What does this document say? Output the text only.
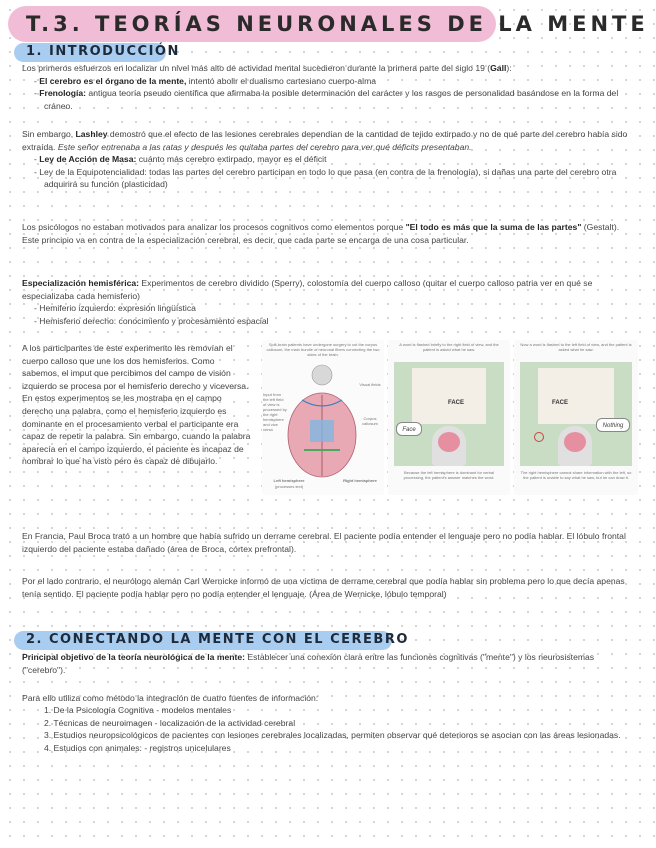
T.3. TEORÍAS NEURONALES DE LA MENTE
1. INTRODUCCIÓN
Los primeros esfuerzos en localizar un nivel más alto de actividad mental sucedieron durante la primera parte del siglo 19 (Gall):
- El cerebro es el órgano de la mente, intentó abolir el dualismo cartesiano cuerpo-alma
- Frenología: antigua teoría pseudo científica que afirmaba la posible determinación del carácter y los rasgos de personalidad basándose en la forma del cráneo.
Sin embargo, Lashley demostró que el efecto de las lesiones cerebrales dependían de la cantidad de tejido extirpado y no de qué parte del cerebro había sido extraída. Este señor entrenaba a las ratas y después les quitaba partes del cerebro para ver qué déficits presentaban.
- Ley de Acción de Masa: cuánto más cerebro extirpado, mayor es el déficit
- Ley de la Equipotencialidad: todas las partes del cerebro participan en todo lo que pasa (en contra de la frenología), si dañas una parte del cerebro otra adquirirá su función (plasticidad)
Los psicólogos no estaban motivados para analizar los procesos cognitivos como elementos porque "El todo es más que la suma de las partes" (Gestalt). Este principio va en contra de la especialización cerebral, es decir, que cada parte se encarga de una cosa particular.
Especialización hemisférica: Experimentos de cerebro dividido (Sperry), colostomía del cuerpo calloso (quitar el cuerpo calloso patria ver en qué se especializaba cada hemisferio)
- Hemiferio izquierdo: expresión lingüística
- Hemisferio derecho: conocimiento y procesamiento espacial
A los participantes de este experimento les removían el cuerpo calloso que une los dos hemisferios. Como sabemos, el imput que percibimos del campo de visión izquierdo se procesa por el hemisferio derecho y viceversa. En estos experimentos se les mostraba en el campo derecho una palabra, como el hemisferio izquierdo es dominante en el procesamiento verbal el participante era capaz de repetir la palabra. Sin embargo, cuando la palabra aparecía en el campo izquierdo, el paciente es incapaz de nombrar lo que ha visto pero es capaz de dibujarlo.
Split-brain patients have undergone surgery to cut the corpus callosum, the main bundle of neuronal fibers connecting the two sides of the brain.
Input from the left field of view is processed by the right hemisphere and vice versa
Visual fields
Corpus callosum
Left hemisphere
(processes text)
Right hemisphere
A word is flashed briefly to the right field of view, and the patient is asked what he saw.
FACE
Face
Because the left hemisphere is dominant for verbal processing, the patient's answer matches the word.
Now a word is flashed to the left field of view, and the patient is asked what he saw.
FACE
Nothing
The right hemisphere cannot share information with the left, so the patient is unable to say what he saw, but he can draw it.
En Francia, Paul Broca trató a un hombre que había sufrido un derrame cerebral. El paciente podía entender el lenguaje pero no podía hablar. El lóbulo frontal izquierdo del paciente estaba dañado (área de Broca, córtex prefrontal).
Por el lado contrario, el neurólogo alemán Carl Wernicke informó de una víctima de derrame cerebral que podía hablar sin problema pero lo que decía apenas tenía sentido. El paciente podía hablar pero no podía entender el lenguaje. (Área de Wernicke, lóbulo temporal)
2. CONECTANDO LA MENTE CON EL CEREBRO
Principal objetivo de la teoría neurológica de la mente: Establecer una conexión clara entre las funciones cognitivas ("mente") y los neurosistemas ("cerebro").
Para ello utiliza como método la integración de cuatro fuentes de información:
1. De la Psicología Cognitiva - modelos mentales
2. Técnicas de neuroimagen - localización de la actividad cerebral
3. Estudios neuropsicológicos de pacientes con lesiones cerebrales localizadas, permiten observar qué deterioros se asocian con las áreas lesionadas.
4. Estudios con animales: - registros unicelulares
